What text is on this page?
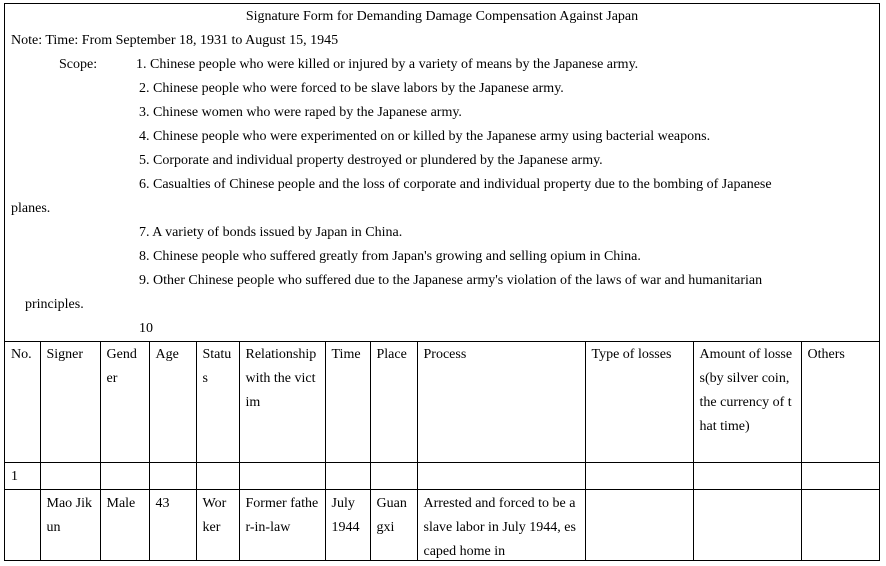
Signature Form for Demanding Damage Compensation Against Japan
Note: Time: From September 18, 1931 to August 15, 1945
Scope:	1. Chinese people who were killed or injured by a variety of means by the Japanese army.
2. Chinese people who were forced to be slave labors by the Japanese army.
3. Chinese women who were raped by the Japanese army.
4. Chinese people who were experimented on or killed by the Japanese army using bacterial weapons.
5. Corporate and individual property destroyed or plundered by the Japanese army.
6. Casualties of Chinese people and the loss of corporate and individual property due to the bombing of Japanese
planes.
7. A variety of bonds issued by Japan in China.
8. Chinese people who suffered greatly from Japan's growing and selling opium in China.
9. Other Chinese people who suffered due to the Japanese army's violation of the laws of war and humanitarian
principles.
10
No.	Signer	Gender	Age	Status	Relationship with the victim	Time	Place	Process	Type of losses	Amount of losses(by silver coin, the currency of that time)	Others
1											
	Mao Jikun	Male	43	Worker	Former father-in-law	July 1944	Guangxi	Arrested and forced to be a slave labor in July 1944, escaped home in			
